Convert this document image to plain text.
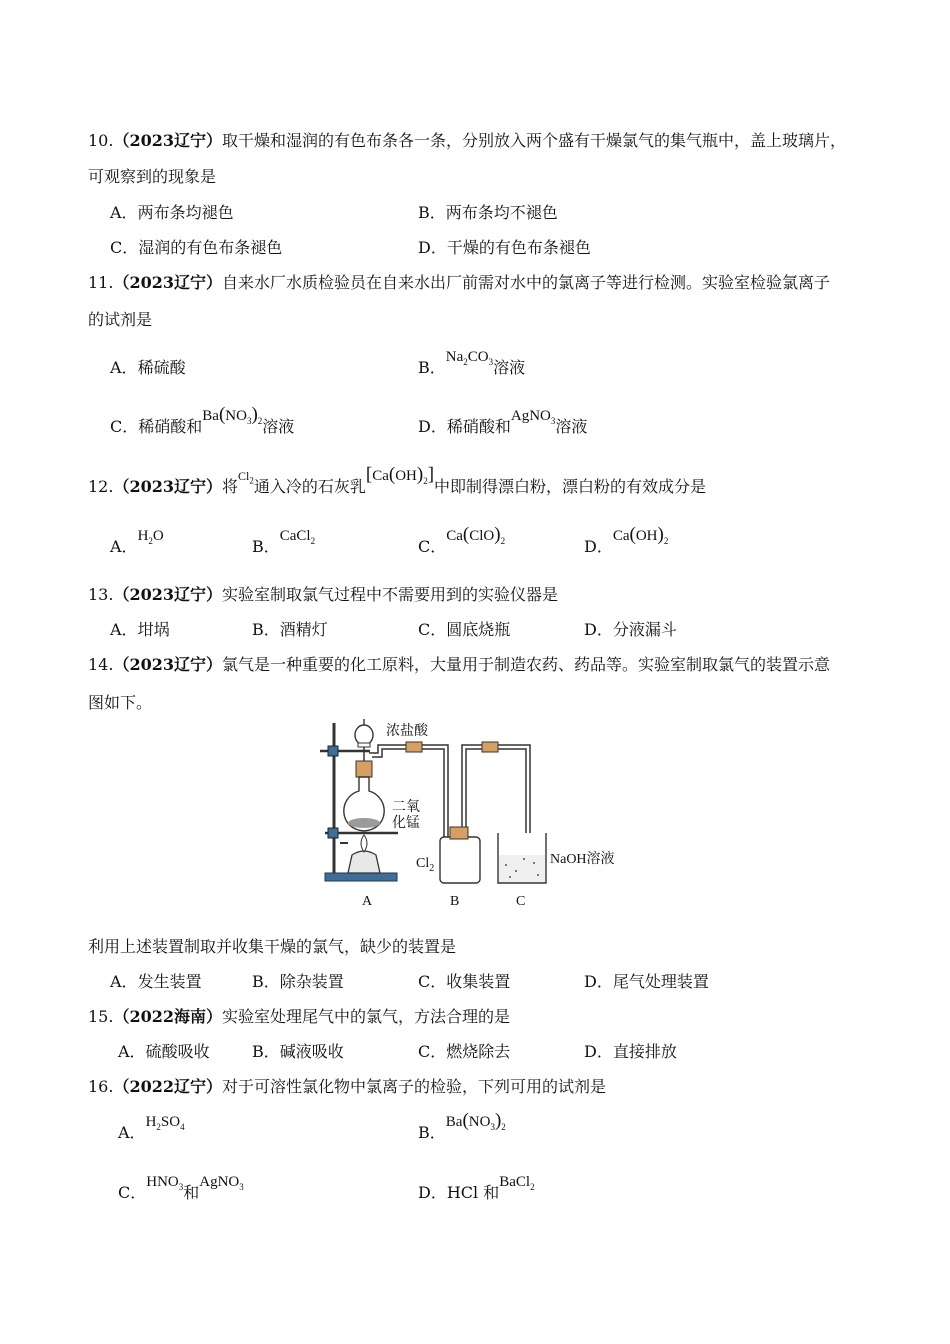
10.（2023辽宁）取干燥和湿润的有色布条各一条，分别放入两个盛有干燥氯气的集气瓶中，盖上玻璃片，
可观察到的现象是
A．两布条均褪色	B．两布条均不褪色
C．湿润的有色布条褪色	D．干燥的有色布条褪色
11.（2023辽宁）自来水厂水质检验员在自来水出厂前需对水中的氯离子等进行检测。实验室检验氯离子
的试剂是
A．稀硫酸	B．$Na_2CO_3$溶液
C．稀硝酸和$Ba(NO_3)_2$溶液	D．稀硝酸和AgNO$_3$溶液
12.（2023辽宁）将$Cl_2$通入冷的石灰乳$[Ca(OH)_2]$中即制得漂白粉，漂白粉的有效成分是
A．$H_2O$
B．CaCl$_2$	C．$Ca(ClO)_2$	D．$Ca(OH)_2$
13.（2023辽宁）实验室制取氯气过程中不需要用到的实验仪器是
A．坩埚	B．酒精灯	C．圆底烧瓶	D．分液漏斗
14.（2023辽宁）氯气是一种重要的化工原料，大量用于制造农药、药品等。实验室制取氯气的装置示意
图如下。
浓盐酸
二氧
化锰
$Cl_2$
NaOH溶液
A	B	C
利用上述装置制取并收集干燥的氯气，缺少的装置是
A．发生装置	B．除杂装置	C．收集装置	D．尾气处理装置
15.（2022海南）实验室处理尾气中的氯气，方法合理的是
A．硫酸吸收	B．碱液吸收	C．燃烧除去	D．直接排放
16.（2022辽宁）对于可溶性氯化物中氯离子的检验，下列可用的试剂是
A．$H_2SO_4$	B．$Ba(NO_3)_2$
C．$HNO_3$和AgNO$_3$	D．HCl 和BaCl$_2$
